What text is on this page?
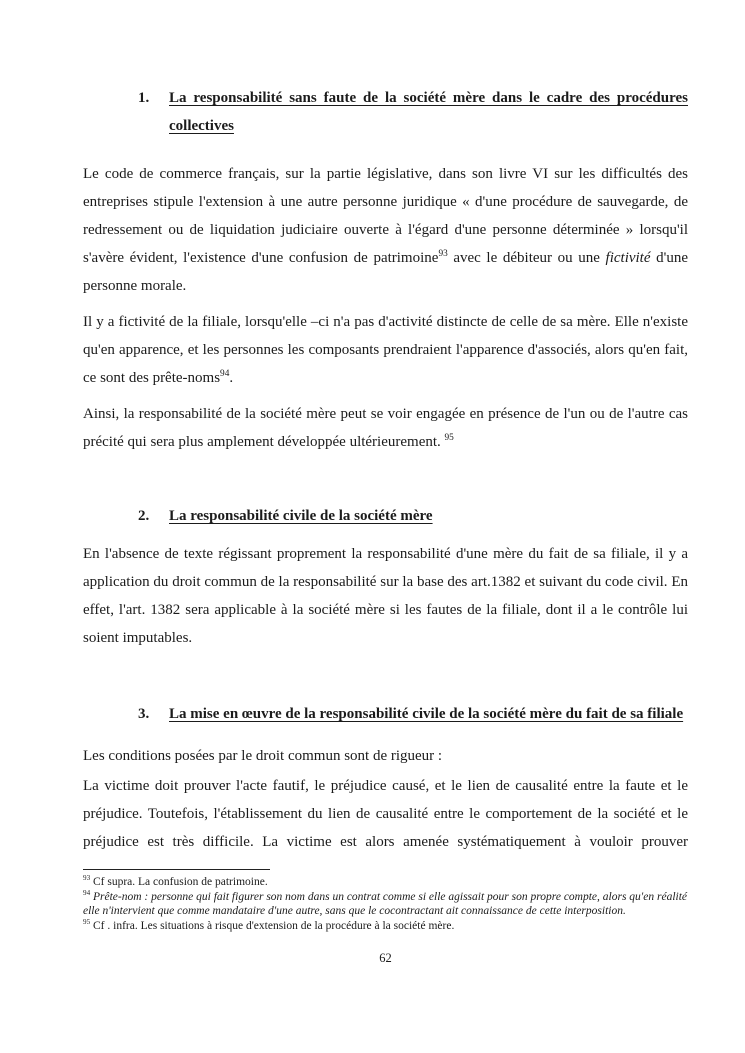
1.	La responsabilité sans faute de la société mère dans le cadre des procédures collectives

Le code de commerce français, sur la partie législative, dans son livre VI sur les difficultés des entreprises stipule l'extension à une autre personne juridique « d'une procédure de sauvegarde, de redressement ou de liquidation judiciaire ouverte à l'égard d'une personne déterminée » lorsqu'il s'avère évident, l'existence d'une confusion de patrimoine$^{93}$ avec le débiteur ou une fictivité d'une personne morale.

Il y a fictivité de la filiale, lorsqu'elle –ci n'a pas d'activité distincte de celle de sa mère. Elle n'existe qu'en apparence, et les personnes les composants prendraient l'apparence d'associés, alors qu'en fait, ce sont des prête-noms$^{94}$.

Ainsi, la responsabilité de la société mère peut se voir engagée en présence de l'un ou de l'autre cas précité qui sera plus amplement développée ultérieurement. $^{95}$

2.	La responsabilité civile de la société mère

En l'absence de texte régissant proprement la responsabilité d'une mère du fait de sa filiale, il y a application du droit commun de la responsabilité sur la base des art.1382 et suivant du code civil. En effet, l'art. 1382 sera applicable à la société mère si les fautes de la filiale, dont il a le contrôle lui soient imputables.

3.	La mise en œuvre de la responsabilité civile de la société mère du fait de sa filiale

Les conditions posées par le droit commun sont de rigueur :

La victime doit prouver l'acte fautif, le préjudice causé, et le lien de causalité entre la faute et le préjudice. Toutefois, l'établissement du lien de causalité entre le comportement de la société et le préjudice est très difficile. La victime est alors amenée systématiquement à vouloir prouver

$^{93}$ Cf supra. La confusion de patrimoine.

$^{94}$ Prête-nom : personne qui fait figurer son nom dans un contrat comme si elle agissait pour son propre compte, alors qu'en réalité elle n'intervient que comme mandataire d'une autre, sans que le cocontractant ait connaissance de cette interposition.

$^{95}$ Cf . infra. Les situations à risque d'extension de la procédure à la société mère.

62
